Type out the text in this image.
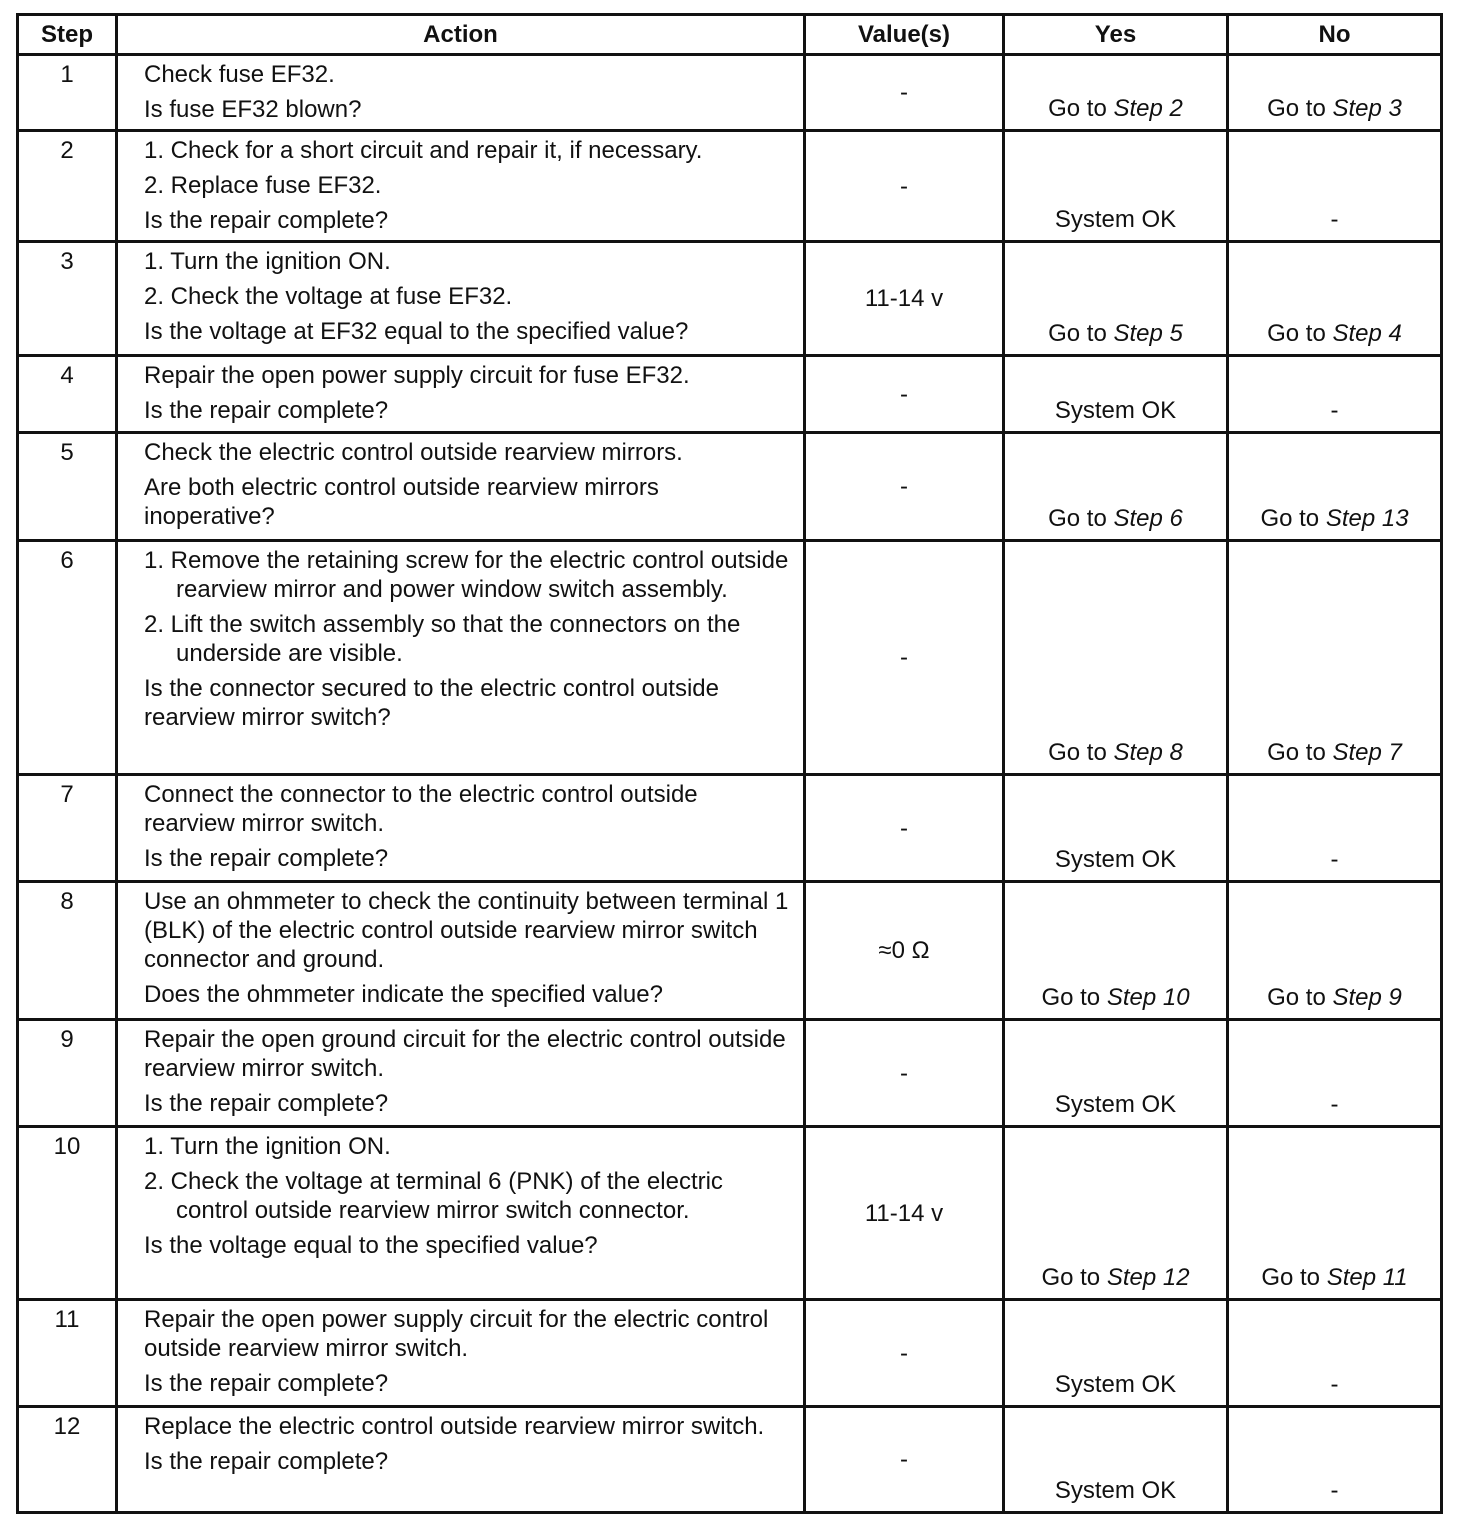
Step	Action	Value(s)	Yes	No
1	Check fuse EF32.
Is fuse EF32 blown?	-	Go to Step 2	Go to Step 3
2	1. Check for a short circuit and repair it, if necessary.
2. Replace fuse EF32.
Is the repair complete?	-	System OK	-
3	1. Turn the ignition ON.
2. Check the voltage at fuse EF32.
Is the voltage at EF32 equal to the specified value?	11-14 v	Go to Step 5	Go to Step 4
4	Repair the open power supply circuit for fuse EF32.
Is the repair complete?	-	System OK	-
5	Check the electric control outside rearview mirrors.
Are both electric control outside rearview mirrors inoperative?	-	Go to Step 6	Go to Step 13
6	1. Remove the retaining screw for the electric control outside rearview mirror and power window switch assembly.
2. Lift the switch assembly so that the connectors on the underside are visible.
Is the connector secured to the electric control outside rearview mirror switch?	-	Go to Step 8	Go to Step 7
7	Connect the connector to the electric control outside rearview mirror switch.
Is the repair complete?	-	System OK	-
8	Use an ohmmeter to check the continuity between terminal 1 (BLK) of the electric control outside rearview mirror switch connector and ground.
Does the ohmmeter indicate the specified value?	≈0 Ω	Go to Step 10	Go to Step 9
9	Repair the open ground circuit for the electric control outside rearview mirror switch.
Is the repair complete?	-	System OK	-
10	1. Turn the ignition ON.
2. Check the voltage at terminal 6 (PNK) of the electric control outside rearview mirror switch connector.
Is the voltage equal to the specified value?	11-14 v	Go to Step 12	Go to Step 11
11	Repair the open power supply circuit for the electric control outside rearview mirror switch.
Is the repair complete?	-	System OK	-
12	Replace the electric control outside rearview mirror switch.
Is the repair complete?	-	System OK	-
